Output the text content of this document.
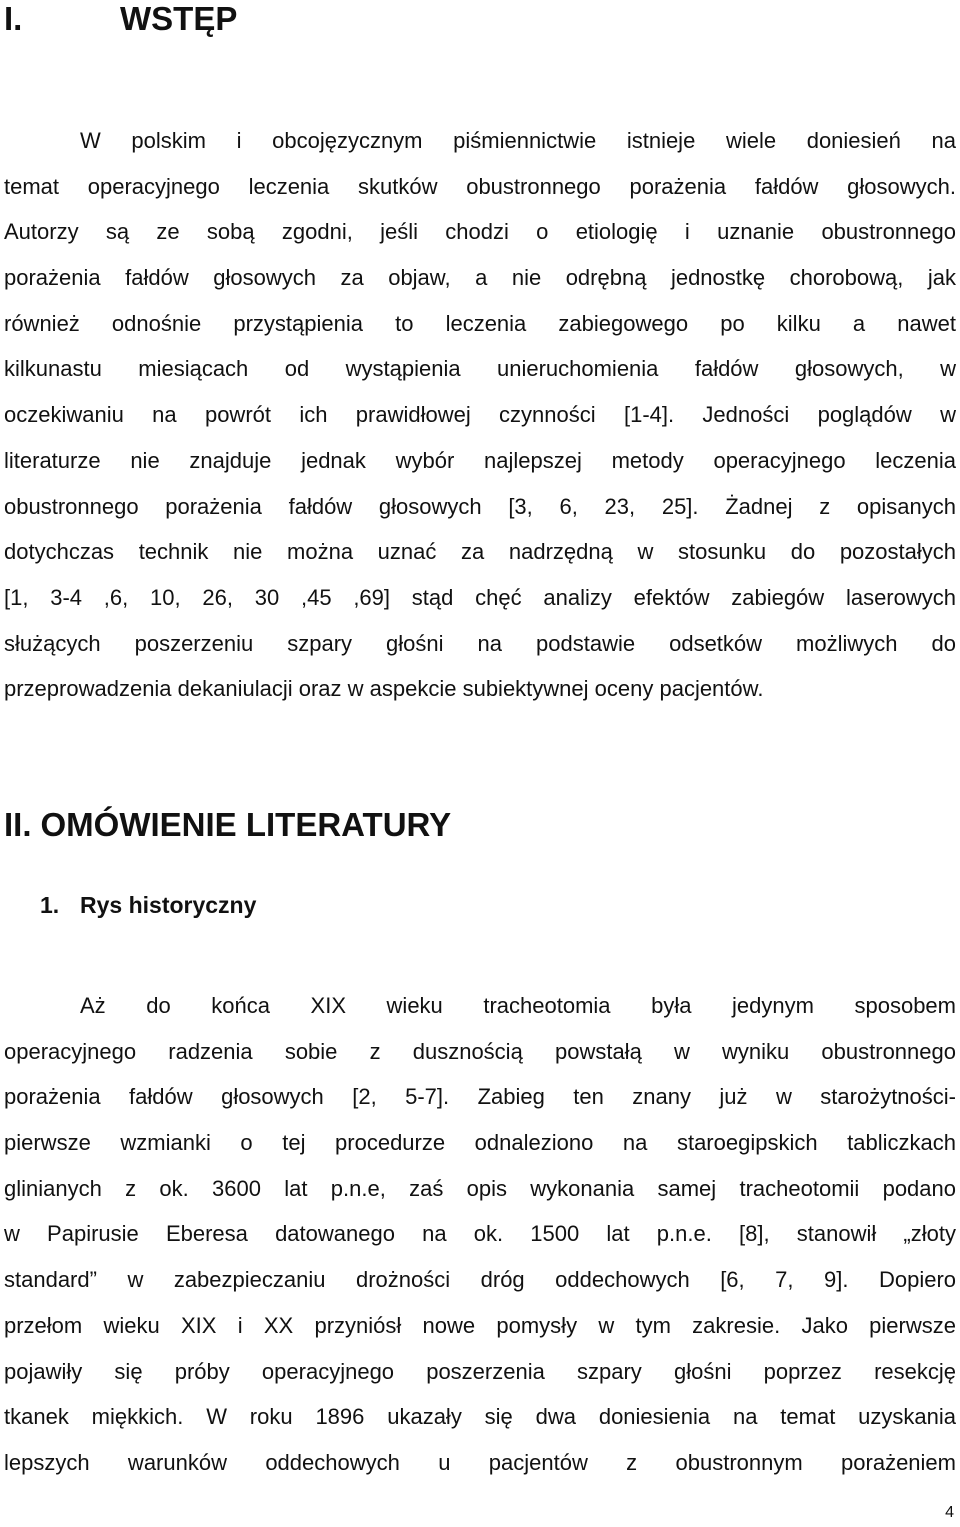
I.	WSTĘP
W polskim i obcojęzycznym piśmiennictwie istnieje wiele doniesień na
temat operacyjnego leczenia skutków obustronnego porażenia fałdów głosowych.
Autorzy są ze sobą zgodni, jeśli chodzi o etiologię i uznanie obustronnego
porażenia fałdów głosowych za objaw, a nie odrębną jednostkę chorobową, jak
również odnośnie przystąpienia to leczenia zabiegowego po kilku a nawet
kilkunastu miesiącach od wystąpienia unieruchomienia fałdów głosowych, w
oczekiwaniu na powrót ich prawidłowej czynności [1-4]. Jedności poglądów w
literaturze nie znajduje jednak wybór najlepszej metody operacyjnego leczenia
obustronnego porażenia fałdów głosowych [3, 6, 23, 25]. Żadnej z opisanych
dotychczas technik nie można uznać za nadrzędną w stosunku do pozostałych
[1, 3-4 ,6, 10, 26, 30 ,45 ,69] stąd chęć analizy efektów zabiegów laserowych
służących poszerzeniu szpary głośni na podstawie odsetków możliwych do
przeprowadzenia dekaniulacji oraz w aspekcie subiektywnej oceny pacjentów.
II. OMÓWIENIE LITERATURY
1. Rys historyczny
Aż do końca XIX wieku tracheotomia była jedynym sposobem
operacyjnego radzenia sobie z dusznością powstałą w wyniku obustronnego
porażenia fałdów głosowych [2, 5-7]. Zabieg ten znany już w starożytności-
pierwsze wzmianki o tej procedurze odnaleziono na staroegipskich tabliczkach
glinianych z ok. 3600 lat p.n.e, zaś opis wykonania samej tracheotomii podano
w Papirusie Eberesa datowanego na ok. 1500 lat p.n.e. [8], stanowił „złoty
standard” w zabezpieczaniu drożności dróg oddechowych [6, 7, 9]. Dopiero
przełom wieku XIX i XX przyniósł nowe pomysły w tym zakresie. Jako pierwsze
pojawiły się próby operacyjnego poszerzenia szpary głośni poprzez resekcję
tkanek miękkich. W roku 1896 ukazały się dwa doniesienia na temat uzyskania
lepszych warunków oddechowych u pacjentów z obustronnym porażeniem
4
